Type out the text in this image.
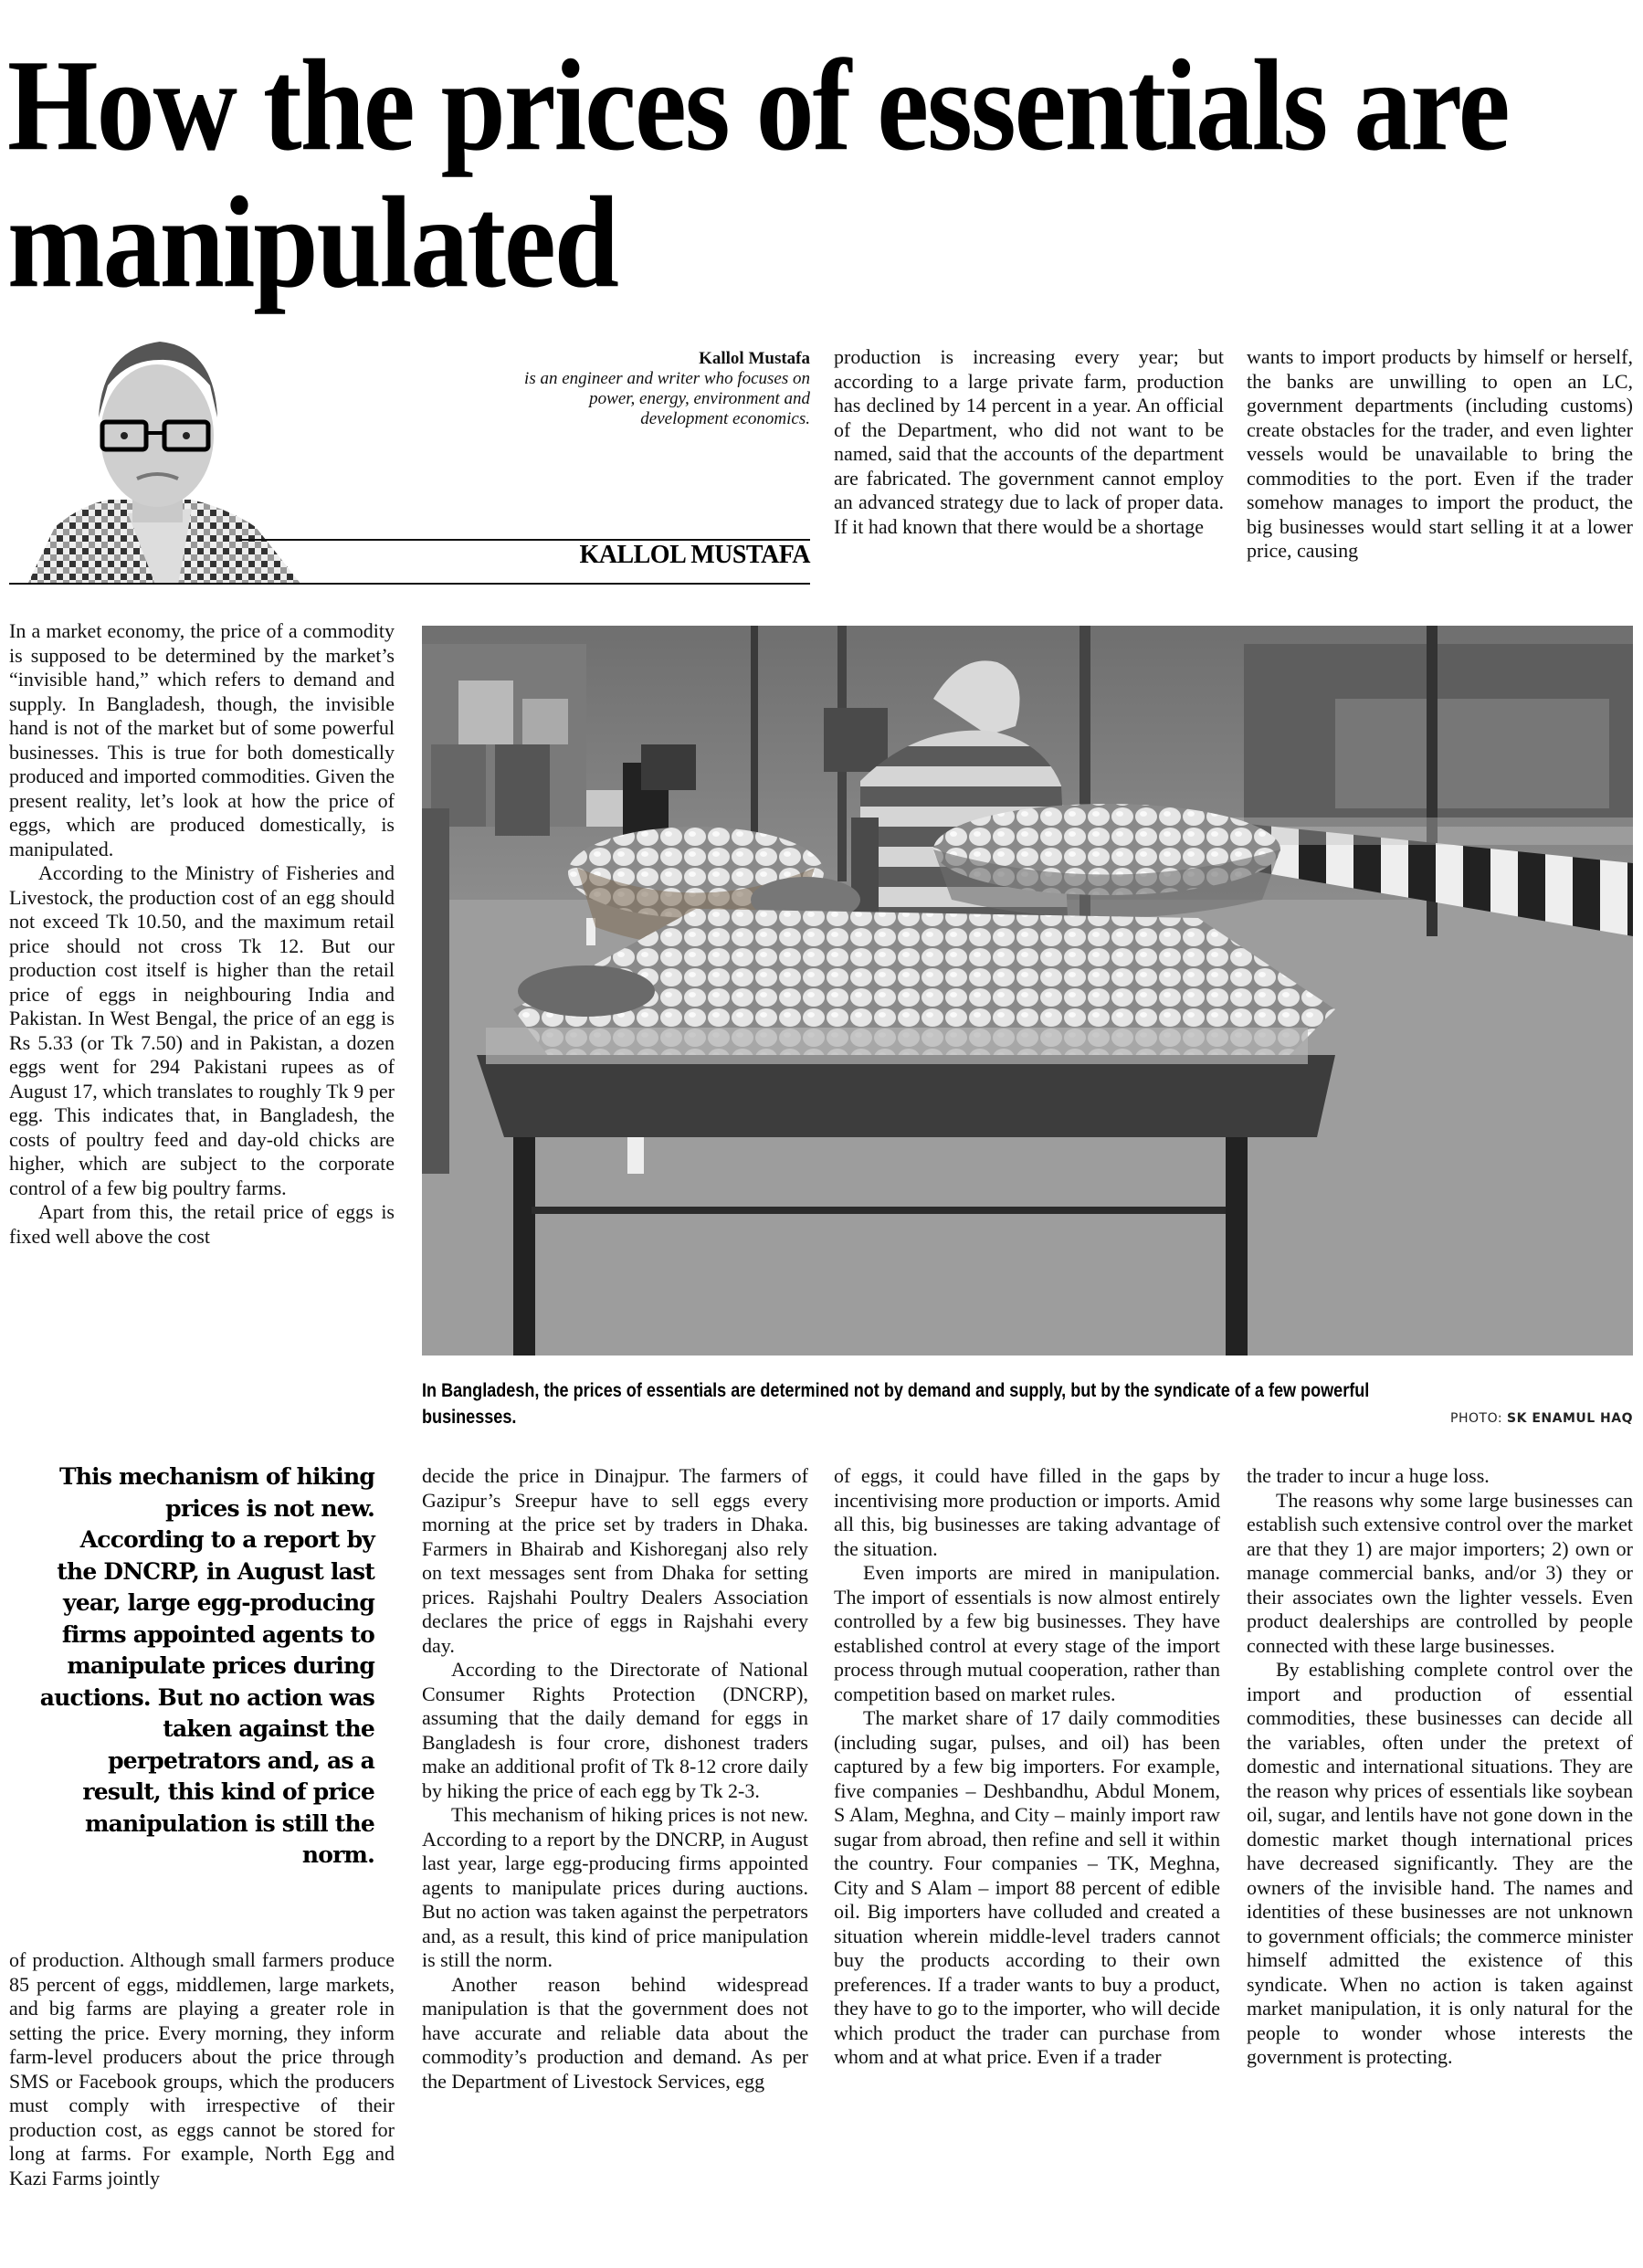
How the prices of essentials are manipulated
Kallol Mustafa
is an engineer and writer who focuses on power, energy, environment and development economics.
KALLOL MUSTAFA

production is increasing every year; but according to a large private farm, production has declined by 14 percent in a year. An official of the Department, who did not want to be named, said that the accounts of the department are fabricated. The government cannot employ an advanced strategy due to lack of proper data. If it had known that there would be a shortage

wants to import products by himself or herself, the banks are unwilling to open an LC, government departments (including customs) create obstacles for the trader, and even lighter vessels would be unavailable to bring the commodities to the port. Even if the trader somehow manages to import the product, the big businesses would start selling it at a lower price, causing

In a market economy, the price of a commodity is supposed to be determined by the market’s “invisible hand,” which refers to demand and supply. In Bangladesh, though, the invisible hand is not of the market but of some powerful businesses. This is true for both domestically produced and imported commodities. Given the present reality, let’s look at how the price of eggs, which are produced domestically, is manipulated.

According to the Ministry of Fisheries and Livestock, the production cost of an egg should not exceed Tk 10.50, and the maximum retail price should not cross Tk 12. But our production cost itself is higher than the retail price of eggs in neighbouring India and Pakistan. In West Bengal, the price of an egg is Rs 5.33 (or Tk 7.50) and in Pakistan, a dozen eggs went for 294 Pakistani rupees as of August 17, which translates to roughly Tk 9 per egg. This indicates that, in Bangladesh, the costs of poultry feed and day-old chicks are higher, which are subject to the corporate control of a few big poultry farms.

Apart from this, the retail price of eggs is fixed well above the cost

In Bangladesh, the prices of essentials are determined not by demand and supply, but by the syndicate of a few powerful businesses.	PHOTO: SK ENAMUL HAQ
This mechanism of hiking prices is not new. According to a report by the DNCRP, in August last year, large egg-producing firms appointed agents to manipulate prices during auctions. But no action was taken against the perpetrators and, as a result, this kind of price manipulation is still the norm.

of production. Although small farmers produce 85 percent of eggs, middlemen, large markets, and big farms are playing a greater role in setting the price. Every morning, they inform farm-level producers about the price through SMS or Facebook groups, which the producers must comply with irrespective of their production cost, as eggs cannot be stored for long at farms. For example, North Egg and Kazi Farms jointly

decide the price in Dinajpur. The farmers of Gazipur’s Sreepur have to sell eggs every morning at the price set by traders in Dhaka. Farmers in Bhairab and Kishoreganj also rely on text messages sent from Dhaka for setting prices. Rajshahi Poultry Dealers Association declares the price of eggs in Rajshahi every day.

According to the Directorate of National Consumer Rights Protection (DNCRP), assuming that the daily demand for eggs in Bangladesh is four crore, dishonest traders make an additional profit of Tk 8-12 crore daily by hiking the price of each egg by Tk 2-3.

This mechanism of hiking prices is not new. According to a report by the DNCRP, in August last year, large egg-producing firms appointed agents to manipulate prices during auctions. But no action was taken against the perpetrators and, as a result, this kind of price manipulation is still the norm.

Another reason behind widespread manipulation is that the government does not have accurate and reliable data about the commodity’s production and demand. As per the Department of Livestock Services, egg

of eggs, it could have filled in the gaps by incentivising more production or imports. Amid all this, big businesses are taking advantage of the situation.

Even imports are mired in manipulation. The import of essentials is now almost entirely controlled by a few big businesses. They have established control at every stage of the import process through mutual cooperation, rather than competition based on market rules.

The market share of 17 daily commodities (including sugar, pulses, and oil) has been captured by a few big importers. For example, five companies – Deshbandhu, Abdul Monem, S Alam, Meghna, and City – mainly import raw sugar from abroad, then refine and sell it within the country. Four companies – TK, Meghna, City and S Alam – import 88 percent of edible oil. Big importers have colluded and created a situation wherein middle-level traders cannot buy the products according to their own preferences. If a trader wants to buy a product, they have to go to the importer, who will decide which product the trader can purchase from whom and at what price. Even if a trader

the trader to incur a huge loss.

The reasons why some large businesses can establish such extensive control over the market are that they 1) are major importers; 2) own or manage commercial banks, and/or 3) they or their associates own the lighter vessels. Even product dealerships are controlled by people connected with these large businesses.

By establishing complete control over the import and production of essential commodities, these businesses can decide all the variables, often under the pretext of domestic and international situations. They are the reason why prices of essentials like soybean oil, sugar, and lentils have not gone down in the domestic market though international prices have decreased significantly. They are the owners of the invisible hand. The names and identities of these businesses are not unknown to government officials; the commerce minister himself admitted the existence of this syndicate. When no action is taken against market manipulation, it is only natural for the people to wonder whose interests the government is protecting.
